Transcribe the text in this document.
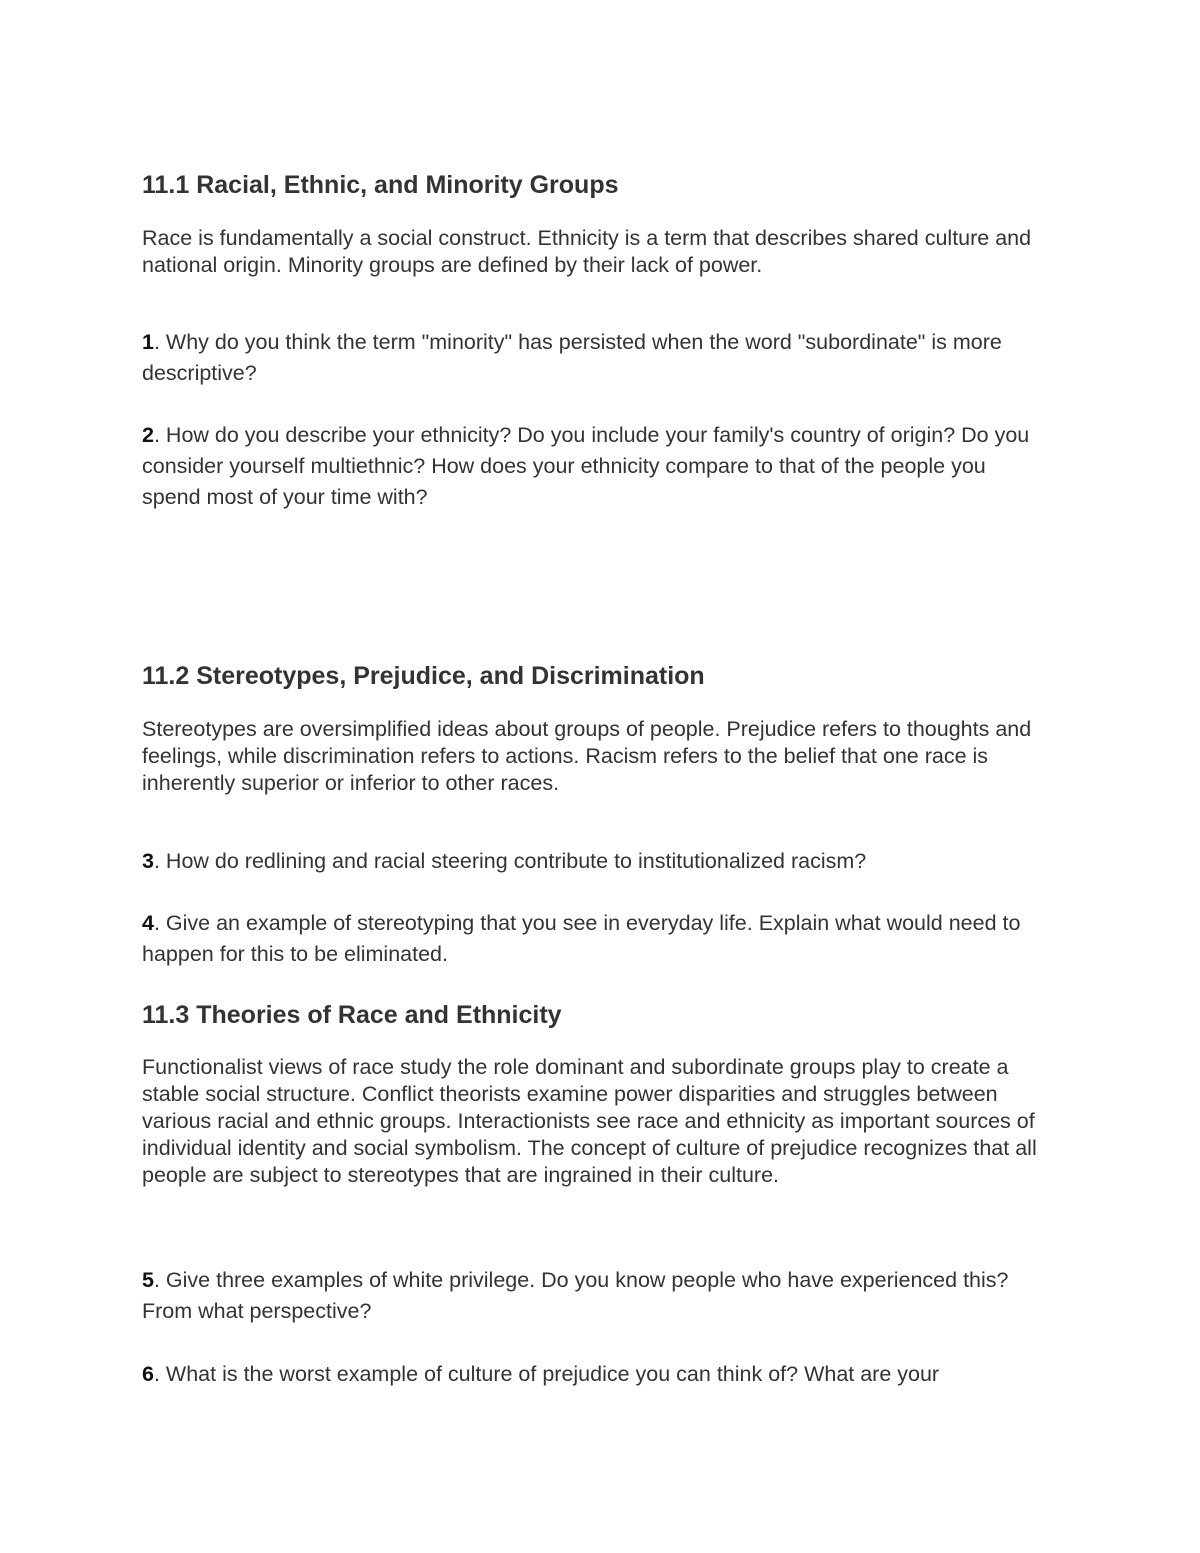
11.1 Racial, Ethnic, and Minority Groups

Race is fundamentally a social construct. Ethnicity is a term that describes shared culture and national origin. Minority groups are defined by their lack of power.

1. Why do you think the term "minority" has persisted when the word "subordinate" is more descriptive?

2. How do you describe your ethnicity? Do you include your family's country of origin? Do you consider yourself multiethnic? How does your ethnicity compare to that of the people you spend most of your time with?

11.2 Stereotypes, Prejudice, and Discrimination

Stereotypes are oversimplified ideas about groups of people. Prejudice refers to thoughts and feelings, while discrimination refers to actions. Racism refers to the belief that one race is inherently superior or inferior to other races.

3. How do redlining and racial steering contribute to institutionalized racism?

4. Give an example of stereotyping that you see in everyday life. Explain what would need to happen for this to be eliminated.

11.3 Theories of Race and Ethnicity

Functionalist views of race study the role dominant and subordinate groups play to create a stable social structure. Conflict theorists examine power disparities and struggles between various racial and ethnic groups. Interactionists see race and ethnicity as important sources of individual identity and social symbolism. The concept of culture of prejudice recognizes that all people are subject to stereotypes that are ingrained in their culture.

5. Give three examples of white privilege. Do you know people who have experienced this? From what perspective?

6. What is the worst example of culture of prejudice you can think of? What are your
